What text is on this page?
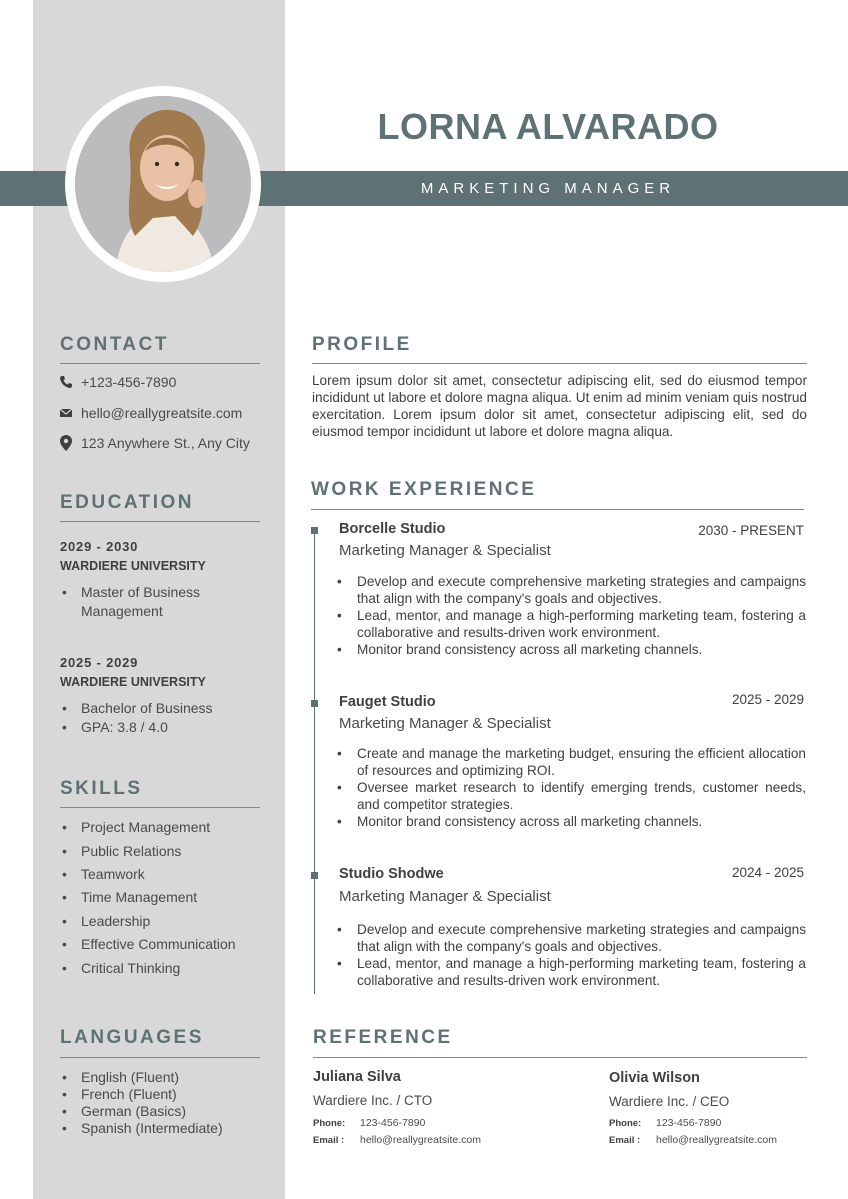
LORNA ALVARADO
MARKETING MANAGER
CONTACT
+123-456-7890
hello@reallygreatsite.com
123 Anywhere St., Any City
EDUCATION
2029 - 2030
WARDIERE UNIVERSITY
• Master of Business
Management
2025 - 2029
WARDIERE UNIVERSITY
• Bachelor of Business
• GPA: 3.8 / 4.0
SKILLS
• Project Management
• Public Relations
• Teamwork
• Time Management
• Leadership
• Effective Communication
• Critical Thinking
LANGUAGES
• English (Fluent)
• French (Fluent)
• German (Basics)
• Spanish (Intermediate)
PROFILE
Lorem ipsum dolor sit amet, consectetur adipiscing elit, sed do eiusmod tempor incididunt ut labore et dolore magna aliqua. Ut enim ad minim veniam quis nostrud exercitation. Lorem ipsum dolor sit amet, consectetur adipiscing elit, sed do eiusmod tempor incididunt ut labore et dolore magna aliqua.
WORK EXPERIENCE
Borcelle Studio	2030 - PRESENT
Marketing Manager & Specialist
• Develop and execute comprehensive marketing strategies and campaigns that align with the company's goals and objectives.
• Lead, mentor, and manage a high-performing marketing team, fostering a collaborative and results-driven work environment.
• Monitor brand consistency across all marketing channels.
Fauget Studio	2025 - 2029
Marketing Manager & Specialist
• Create and manage the marketing budget, ensuring the efficient allocation of resources and optimizing ROI.
• Oversee market research to identify emerging trends, customer needs, and competitor strategies.
• Monitor brand consistency across all marketing channels.
Studio Shodwe	2024 - 2025
Marketing Manager & Specialist
• Develop and execute comprehensive marketing strategies and campaigns that align with the company's goals and objectives.
• Lead, mentor, and manage a high-performing marketing team, fostering a collaborative and results-driven work environment.
REFERENCE
Juliana Silva
Wardiere Inc. / CTO
Phone: 123-456-7890
Email : hello@reallygreatsite.com
Olivia Wilson
Wardiere Inc. / CEO
Phone: 123-456-7890
Email : hello@reallygreatsite.com
